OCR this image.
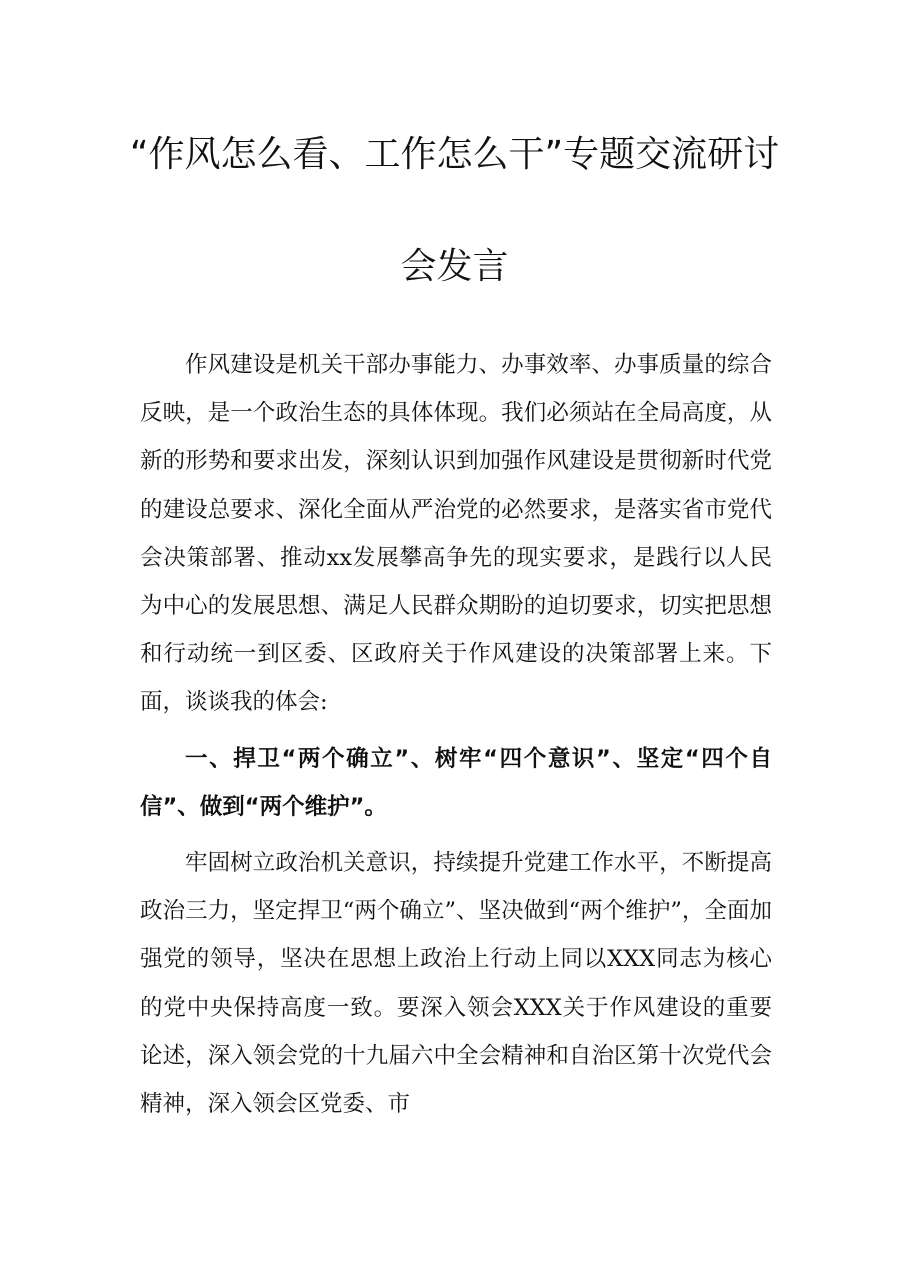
“作风怎么看、工作怎么干”专题交流研讨
会发言

作风建设是机关干部办事能力、办事效率、办事质量的综合反映，是一个政治生态的具体体现。我们必须站在全局高度，从新的形势和要求出发，深刻认识到加强作风建设是贯彻新时代党的建设总要求、深化全面从严治党的必然要求，是落实省市党代会决策部署、推动xx发展攀高争先的现实要求，是践行以人民为中心的发展思想、满足人民群众期盼的迫切要求，切实把思想和行动统一到区委、区政府关于作风建设的决策部署上来。下面，谈谈我的体会:

一、捍卫“两个确立”、树牢“四个意识”、坚定“四个自信”、做到“两个维护”。

牢固树立政治机关意识，持续提升党建工作水平，不断提高政治三力，坚定捍卫“两个确立”、坚决做到“两个维护”，全面加强党的领导，坚决在思想上政治上行动上同以XXX同志为核心的党中央保持高度一致。要深入领会XXX关于作风建设的重要论述，深入领会党的十九届六中全会精神和自治区第十次党代会精神，深入领会区党委、市
